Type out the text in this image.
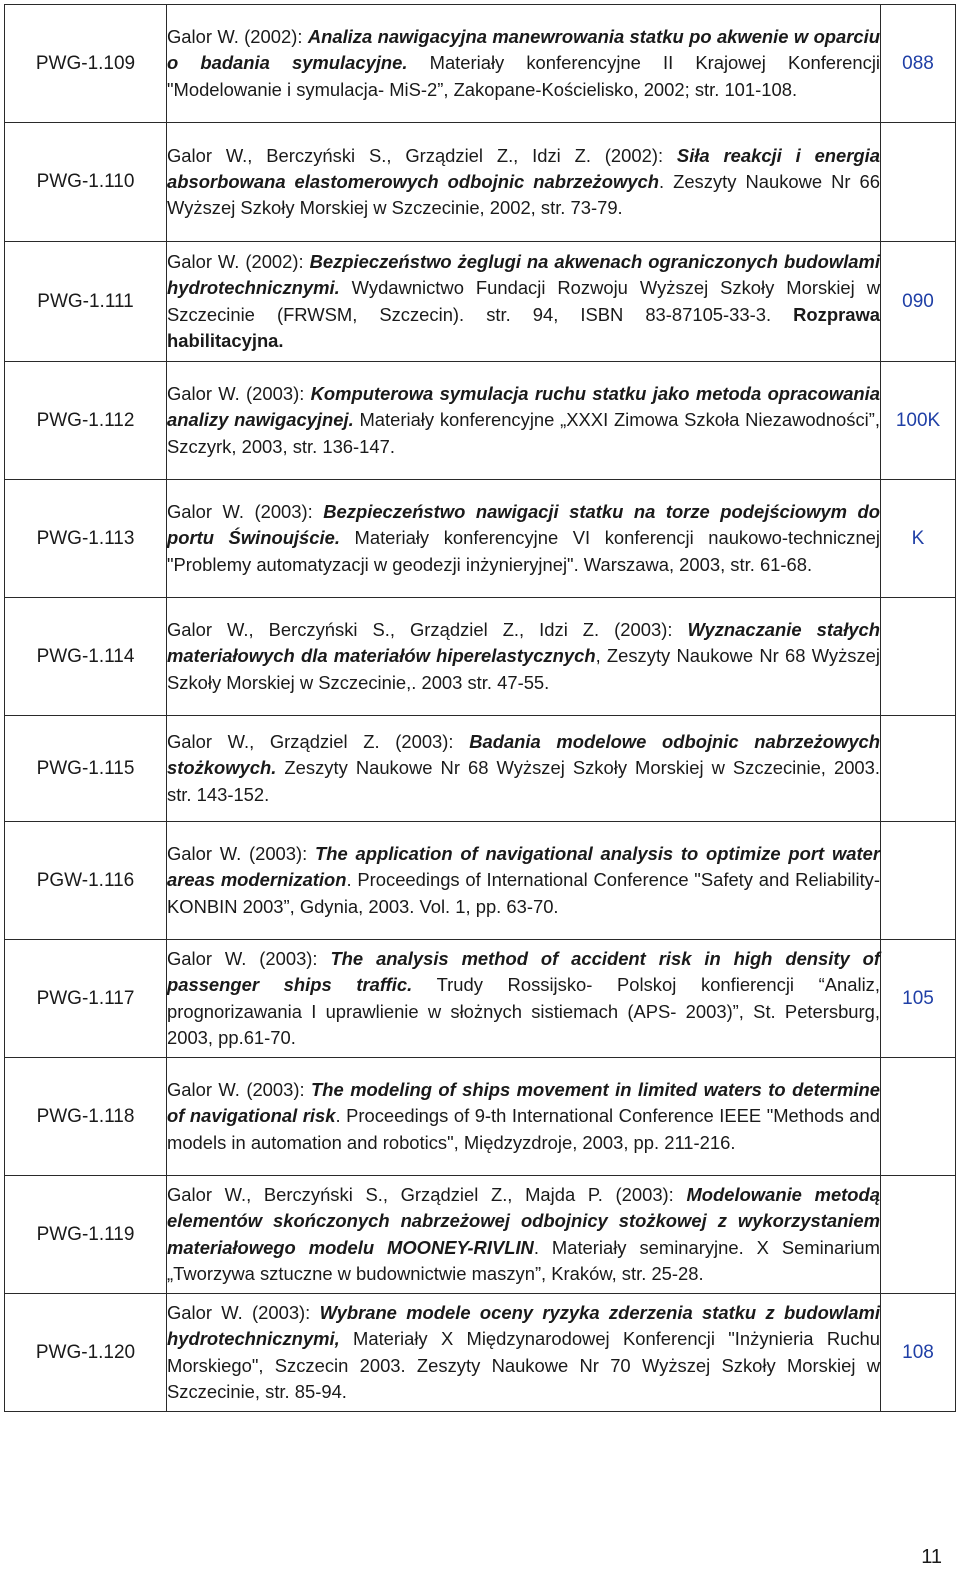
PWG-1.109	Galor W. (2002): Analiza nawigacyjna manewrowania statku po akwenie w oparciu o badania symulacyjne. Materiały konferencyjne II Krajowej Konferencji "Modelowanie i symulacja- MiS-2”, Zakopane-Kościelisko, 2002; str. 101-108.	088
PWG-1.110	Galor W., Berczyński S., Grządziel Z., Idzi Z. (2002): Siła reakcji i energia absorbowana elastomerowych odbojnic nabrzeżowych. Zeszyty Naukowe Nr 66 Wyższej Szkoły Morskiej w Szczecinie, 2002, str. 73-79.	
PWG-1.111	Galor W. (2002): Bezpieczeństwo żeglugi na akwenach ograniczonych budowlami hydrotechnicznymi. Wydawnictwo Fundacji Rozwoju Wyższej Szkoły Morskiej w Szczecinie (FRWSM, Szczecin). str. 94, ISBN 83-87105-33-3. Rozprawa habilitacyjna.	090
PWG-1.112	Galor W. (2003): Komputerowa symulacja ruchu statku jako metoda opracowania analizy nawigacyjnej. Materiały konferencyjne „XXXI Zimowa Szkoła Niezawodności”, Szczyrk, 2003, str. 136-147.	100K
PWG-1.113	Galor W. (2003): Bezpieczeństwo nawigacji statku na torze podejściowym do portu Świnoujście. Materiały konferencyjne VI konferencji naukowo-technicznej "Problemy automatyzacji w geodezji inżynieryjnej". Warszawa, 2003, str. 61-68.	K
PWG-1.114	Galor W., Berczyński S., Grządziel Z., Idzi Z. (2003): Wyznaczanie stałych materiałowych dla materiałów hiperelastycznych, Zeszyty Naukowe Nr 68 Wyższej Szkoły Morskiej w Szczecinie,. 2003 str. 47-55.	
PWG-1.115	Galor W., Grządziel Z. (2003): Badania modelowe odbojnic nabrzeżowych stożkowych. Zeszyty Naukowe Nr 68 Wyższej Szkoły Morskiej w Szczecinie, 2003. str. 143-152.	
PGW-1.116	Galor W. (2003): The application of navigational analysis to optimize port water areas modernization. Proceedings of International Conference "Safety and Reliability- KONBIN 2003”, Gdynia, 2003. Vol. 1, pp. 63-70.	
PWG-1.117	Galor W. (2003): The analysis method of accident risk in high density of passenger ships traffic. Trudy Rossijsko- Polskoj konfierencji “Analiz, prognorizawania I uprawlienie w słożnych sistiemach (APS- 2003)”, St. Petersburg, 2003, pp.61-70.	105
PWG-1.118	Galor W. (2003): The modeling of ships movement in limited waters to determine of navigational risk. Proceedings of 9-th International Conference IEEE "Methods and models in automation and robotics", Międzyzdroje, 2003, pp. 211-216.	
PWG-1.119	Galor W., Berczyński S., Grządziel Z., Majda P. (2003): Modelowanie metodą elementów skończonych nabrzeżowej odbojnicy stożkowej z wykorzystaniem materiałowego modelu MOONEY-RIVLIN. Materiały seminaryjne. X Seminarium „Tworzywa sztuczne w budownictwie maszyn”, Kraków, str. 25-28.	
PWG-1.120	Galor W. (2003): Wybrane modele oceny ryzyka zderzenia statku z budowlami hydrotechnicznymi, Materiały X Międzynarodowej Konferencji "Inżynieria Ruchu Morskiego", Szczecin 2003. Zeszyty Naukowe Nr 70 Wyższej Szkoły Morskiej w Szczecinie, str. 85-94.	108
11
